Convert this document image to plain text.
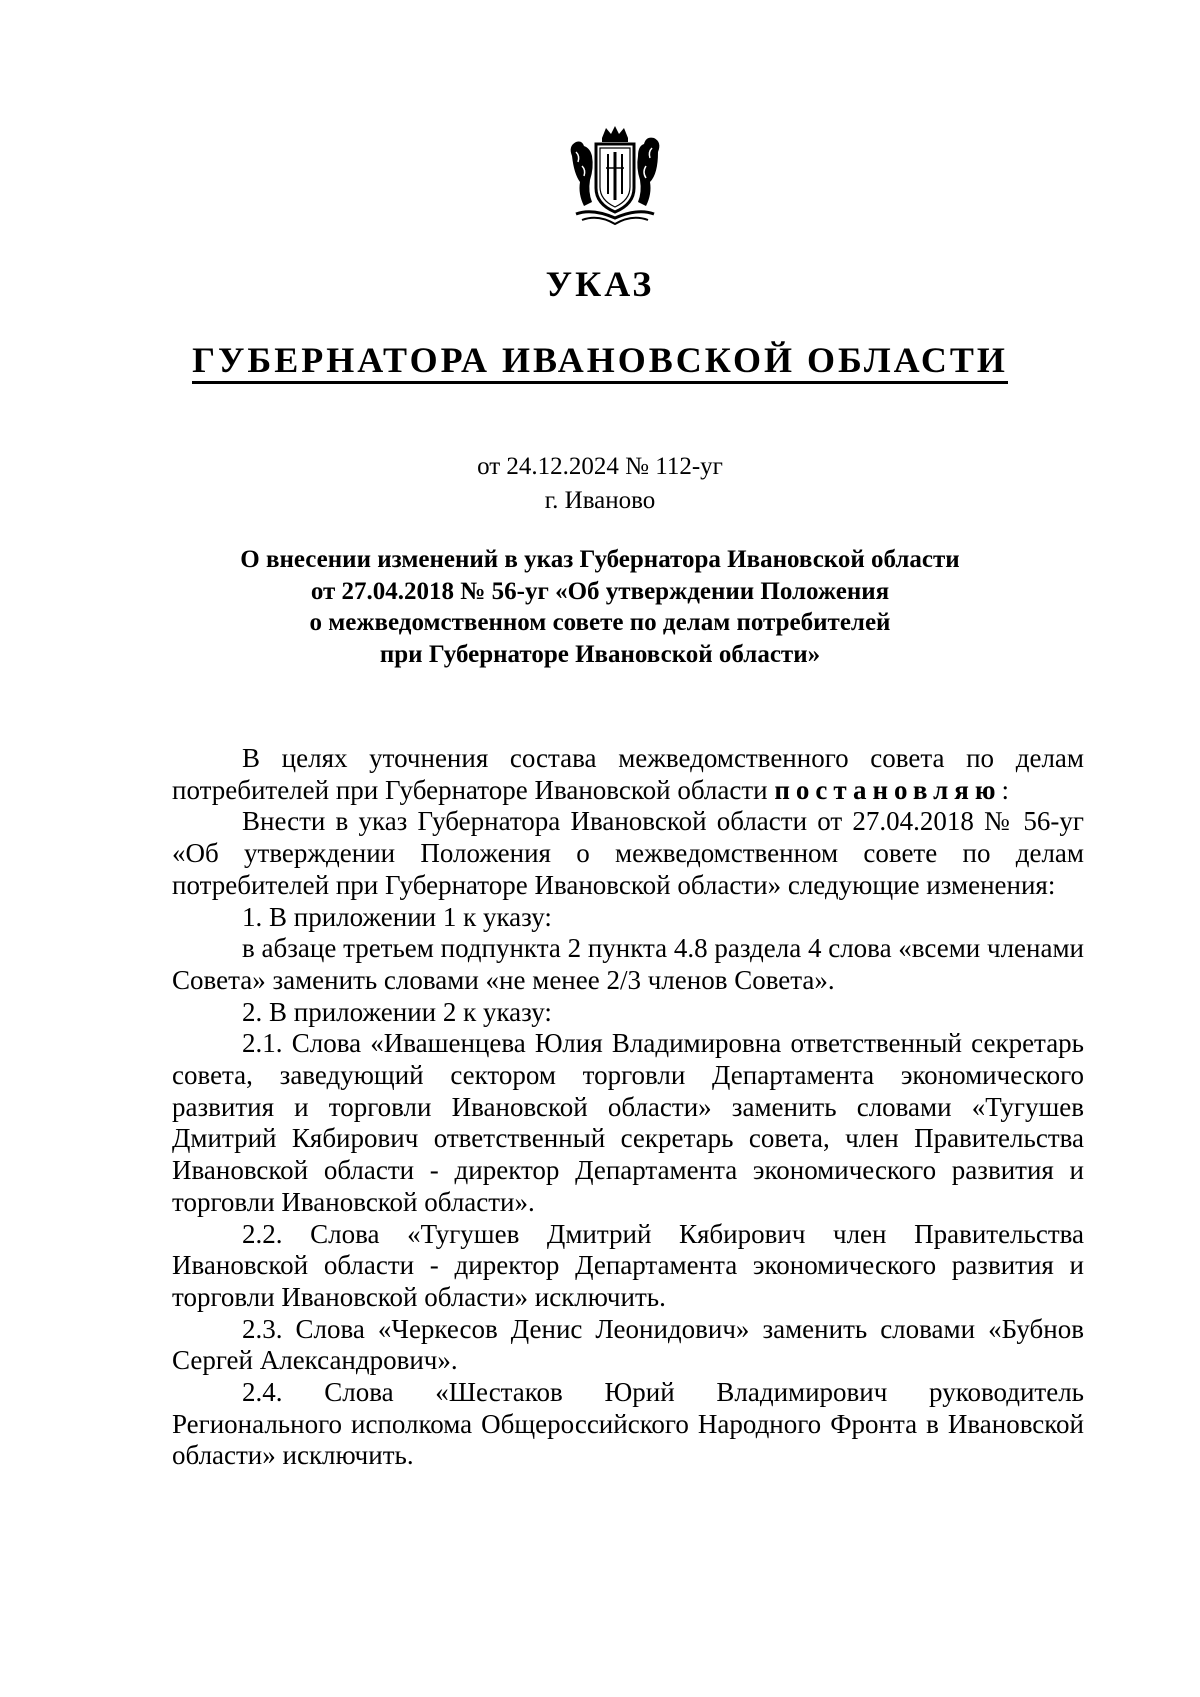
УКАЗ
ГУБЕРНАТОРА ИВАНОВСКОЙ ОБЛАСТИ
от 24.12.2024 № 112-уг
г. Иваново
О внесении изменений в указ Губернатора Ивановской области
от 27.04.2018 № 56-уг «Об утверждении Положения
о межведомственном совете по делам потребителей
при Губернаторе Ивановской области»

В целях уточнения состава межведомственного совета по делам потребителей при Губернаторе Ивановской области постановляю:

Внести в указ Губернатора Ивановской области от 27.04.2018 № 56-уг «Об утверждении Положения о межведомственном совете по делам потребителей при Губернаторе Ивановской области» следующие изменения:

1. В приложении 1 к указу:

в абзаце третьем подпункта 2 пункта 4.8 раздела 4 слова «всеми членами Совета» заменить словами «не менее 2/3 членов Совета».

2. В приложении 2 к указу:

2.1. Слова «Ивашенцева Юлия Владимировна ответственный секретарь совета, заведующий сектором торговли Департамента экономического развития и торговли Ивановской области» заменить словами «Тугушев Дмитрий Кябирович ответственный секретарь совета, член Правительства Ивановской области - директор Департамента экономического развития и торговли Ивановской области».

2.2. Слова «Тугушев Дмитрий Кябирович член Правительства Ивановской области - директор Департамента экономического развития и торговли Ивановской области» исключить.

2.3. Слова «Черкесов Денис Леонидович» заменить словами «Бубнов Сергей Александрович».

2.4. Слова «Шестаков Юрий Владимирович руководитель Регионального исполкома Общероссийского Народного Фронта в Ивановской области» исключить.
